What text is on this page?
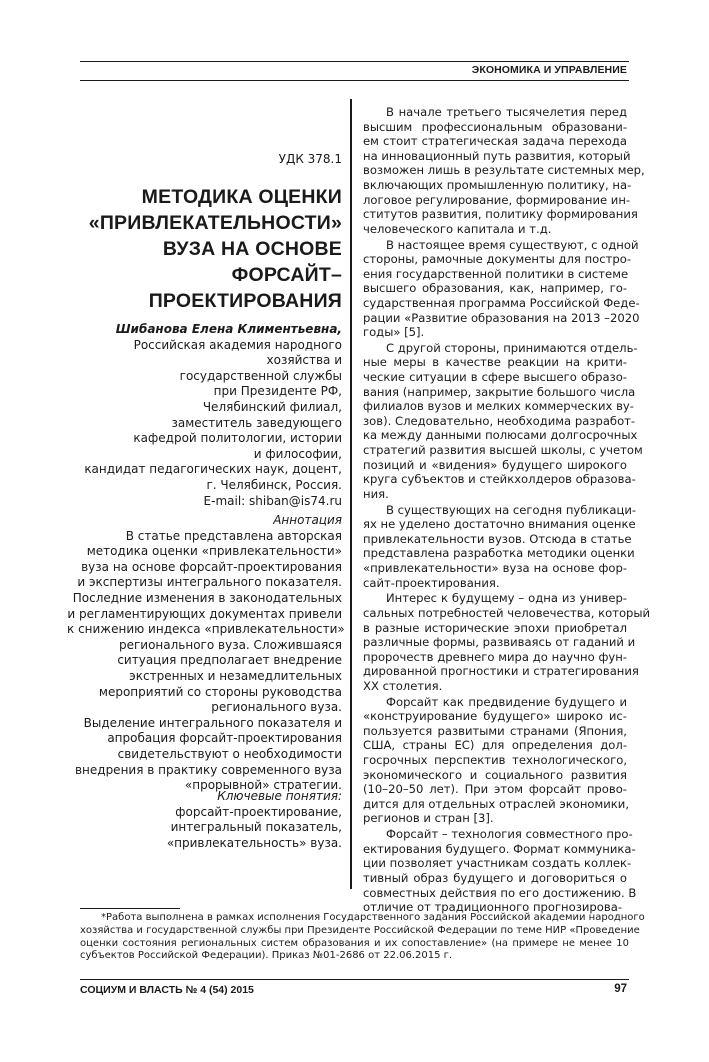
ЭКОНОМИКА И УПРАВЛЕНИЕ
УДК 378.1
МЕТОДИКА ОЦЕНКИ
«ПРИВЛЕКАТЕЛЬНОСТИ»
ВУЗА НА ОСНОВЕ
ФОРСАЙТ–
ПРОЕКТИРОВАНИЯ
Шибанова Елена Климентьевна,
Российская академия народного
хозяйства и
государственной службы
при Президенте РФ,
Челябинский филиал,
заместитель заведующего
кафедрой политологии, истории
и философии,
кандидат педагогических наук, доцент,
г. Челябинск, Россия.
E-mail: shiban@is74.ru
Аннотация
В статье представлена авторская
методика оценки «привлекательности»
вуза на основе форсайт-проектирования
и экспертизы интегрального показателя.
Последние изменения в законодательных
и регламентирующих документах привели
к снижению индекса «привлекательности»
регионального вуза. Сложившаяся
ситуация предполагает внедрение
экстренных и незамедлительных
мероприятий со стороны руководства
регионального вуза.
Выделение интегрального показателя и
апробация форсайт-проектирования
свидетельствуют о необходимости
внедрения в практику современного вуза
«прорывной» стратегии.
Ключевые понятия:
форсайт-проектирование,
интегральный показатель,
«привлекательность» вуза.
В начале третьего тысячелетия перед
высшим профессиональным образовани-
ем стоит стратегическая задача перехода
на инновационный путь развития, который
возможен лишь в результате системных мер,
включающих промышленную политику, на-
логовое регулирование, формирование ин-
ститутов развития, политику формирования
человеческого капитала и т.д.
В настоящее время существуют, с одной
стороны, рамочные документы для постро-
ения государственной политики в системе
высшего образования, как, например, го-
сударственная программа Российской Феде-
рации «Развитие образования на 2013 –2020
годы» [5].
С другой стороны, принимаются отдель-
ные меры в качестве реакции на крити-
ческие ситуации в сфере высшего образо-
вания (например, закрытие большого числа
филиалов вузов и мелких коммерческих ву-
зов). Следовательно, необходима разработ-
ка между данными полюсами долгосрочных
стратегий развития высшей школы, с учетом
позиций и «видения» будущего широкого
круга субъектов и стейкхолдеров образова-
ния.
В существующих на сегодня публикаци-
ях не уделено достаточно внимания оценке
привлекательности вузов. Отсюда в статье
представлена разработка методики оценки
«привлекательности» вуза на основе фор-
сайт-проектирования.
Интерес к будущему – одна из универ-
сальных потребностей человечества, который
в разные исторические эпохи приобретал
различные формы, развиваясь от гаданий и
пророчеств древнего мира до научно фун-
дированной прогностики и стратегирования
XX столетия.
Форсайт как предвидение будущего и
«конструирование будущего» широко ис-
пользуется развитыми странами (Япония,
США, страны ЕС) для определения дол-
госрочных перспектив технологического,
экономического и социального развития
(10–20–50 лет). При этом форсайт прово-
дится для отдельных отраслей экономики,
регионов и стран [3].
Форсайт – технология совместного про-
ектирования будущего. Формат коммуника-
ции позволяет участникам создать коллек-
тивный образ будущего и договориться о
совместных действия по его достижению. В
отличие от традиционного прогнозирова-
*Работа выполнена в рамках исполнения Государственного задания Российской академии народного
хозяйства и государственной службы при Президенте Российской Федерации по теме НИР «Проведение
оценки состояния региональных систем образования и их сопоставление» (на примере не менее 10
субъектов Российской Федерации). Приказ №01-2686 от 22.06.2015 г.
СОЦИУМ И ВЛАСТЬ № 4 (54) 2015	97
